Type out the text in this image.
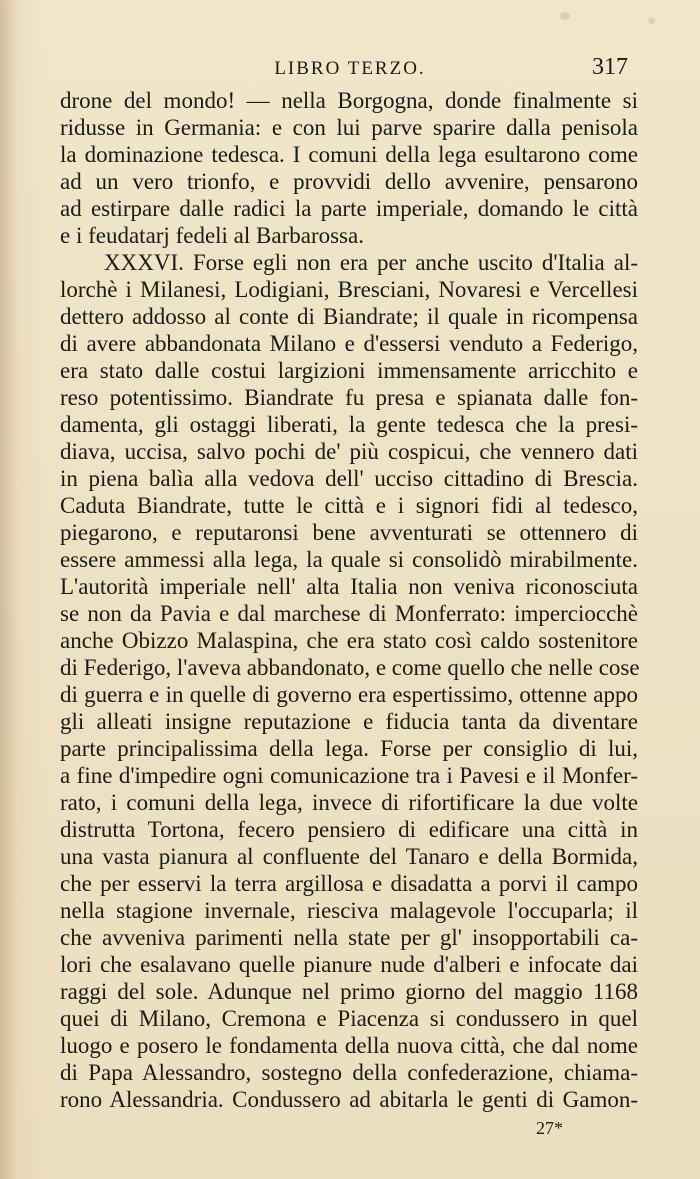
LIBRO TERZO.	317
drone del mondo! — nella Borgogna, donde finalmente si
ridusse in Germania: e con lui parve sparire dalla penisola
la dominazione tedesca. I comuni della lega esultarono come
ad un vero trionfo, e provvidi dello avvenire, pensarono
ad estirpare dalle radici la parte imperiale, domando le città
e i feudatarj fedeli al Barbarossa.
XXXVI. Forse egli non era per anche uscito d'Italia al-
lorchè i Milanesi, Lodigiani, Bresciani, Novaresi e Vercellesi
dettero addosso al conte di Biandrate; il quale in ricompensa
di avere abbandonata Milano e d'essersi venduto a Federigo,
era stato dalle costui largizioni immensamente arricchito e
reso potentissimo. Biandrate fu presa e spianata dalle fon-
damenta, gli ostaggi liberati, la gente tedesca che la presi-
diava, uccisa, salvo pochi de' più cospicui, che vennero dati
in piena balìa alla vedova dell' ucciso cittadino di Brescia.
Caduta Biandrate, tutte le città e i signori fidi al tedesco,
piegarono, e reputaronsi bene avventurati se ottennero di
essere ammessi alla lega, la quale si consolidò mirabilmente.
L'autorità imperiale nell' alta Italia non veniva riconosciuta
se non da Pavia e dal marchese di Monferrato: imperciocchè
anche Obizzo Malaspina, che era stato così caldo sostenitore
di Federigo, l'aveva abbandonato, e come quello che nelle cose
di guerra e in quelle di governo era espertissimo, ottenne appo
gli alleati insigne reputazione e fiducia tanta da diventare
parte principalissima della lega. Forse per consiglio di lui,
a fine d'impedire ogni comunicazione tra i Pavesi e il Monfer-
rato, i comuni della lega, invece di rifortificare la due volte
distrutta Tortona, fecero pensiero di edificare una città in
una vasta pianura al confluente del Tanaro e della Bormida,
che per esservi la terra argillosa e disadatta a porvi il campo
nella stagione invernale, riesciva malagevole l'occuparla; il
che avveniva parimenti nella state per gl' insopportabili ca-
lori che esalavano quelle pianure nude d'alberi e infocate dai
raggi del sole. Adunque nel primo giorno del maggio 1168
quei di Milano, Cremona e Piacenza si condussero in quel
luogo e posero le fondamenta della nuova città, che dal nome
di Papa Alessandro, sostegno della confederazione, chiama-
rono Alessandria. Condussero ad abitarla le genti di Gamon-
27*
